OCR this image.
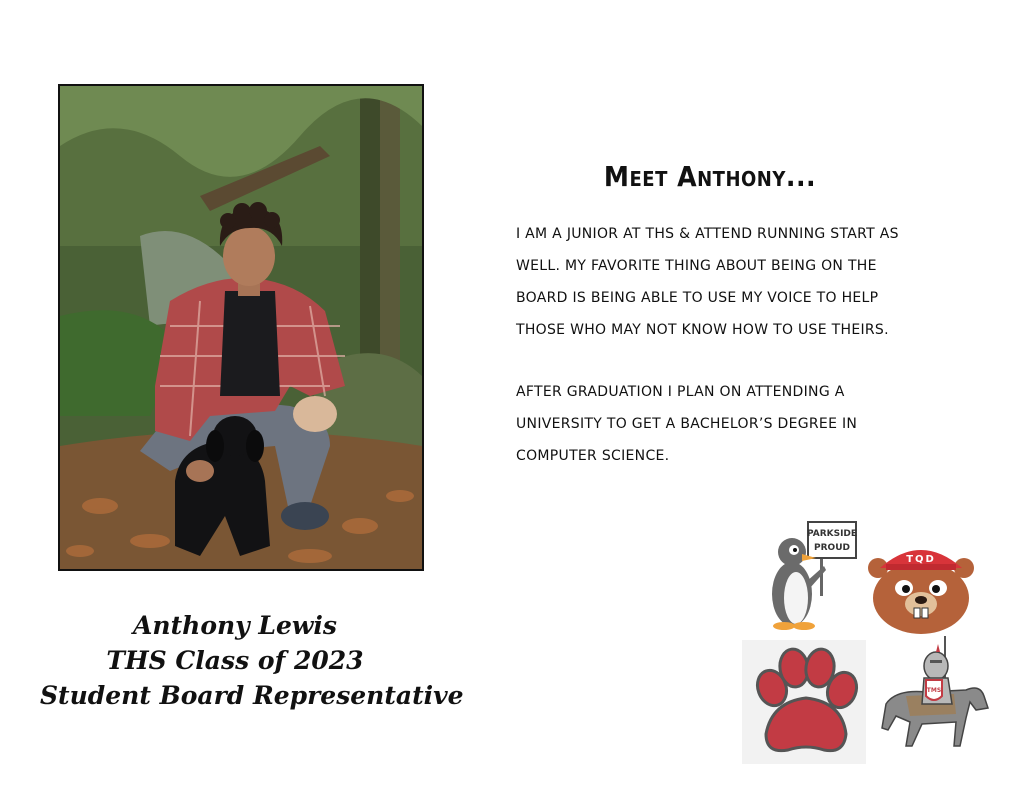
Anthony Lewis
THS Class of 2023
Student Board Representative
Meet Anthony...

I AM A JUNIOR AT THS & ATTEND RUNNING START AS WELL. MY FAVORITE THING ABOUT BEING ON THE BOARD IS BEING ABLE TO USE MY VOICE TO HELP THOSE WHO MAY NOT KNOW HOW TO USE THEIRS.

AFTER GRADUATION I PLAN ON ATTENDING A UNIVERSITY TO GET A BACHELOR’S DEGREE IN COMPUTER SCIENCE.

PARKSIDE
PROUD
TQD
TMS
